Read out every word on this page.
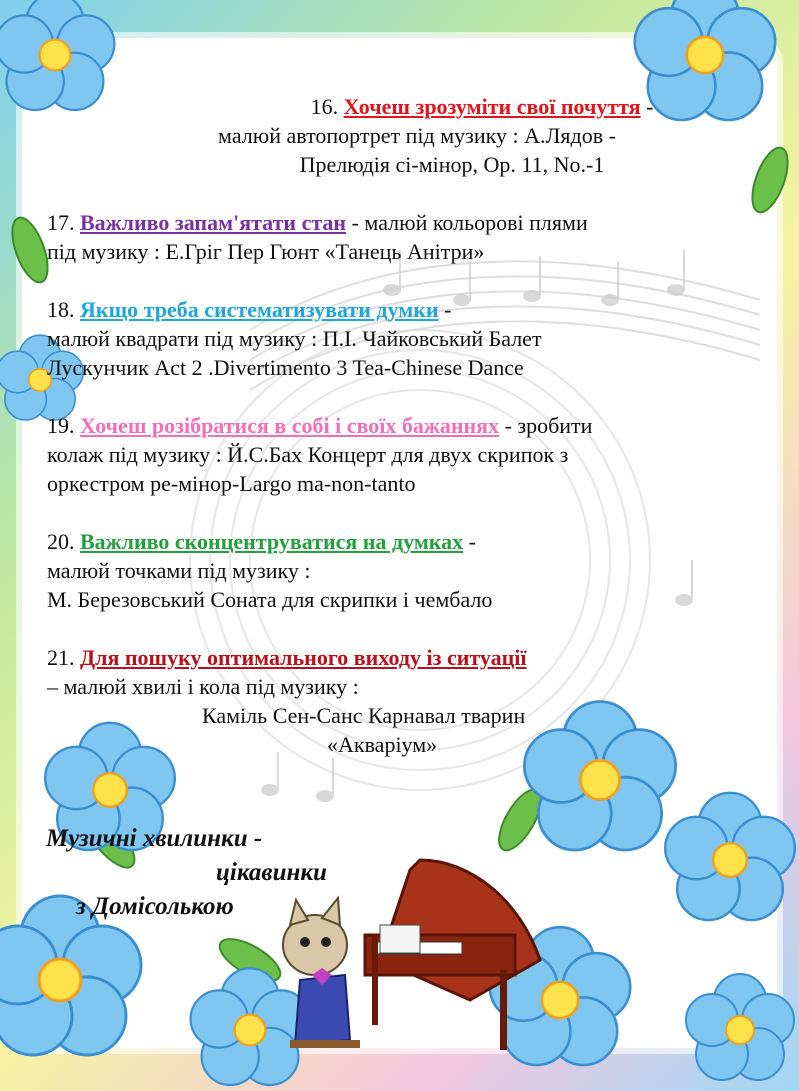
16. Хочеш зрозуміти свої почуття -
малюй автопортрет під музику : А.Лядов -
Прелюдія сі-мінор, Op. 11, No.-1
17. Важливо запам'ятати стан - малюй кольорові плями
під музику : Е.Гріг Пер Гюнт «Танець Анітри»
18. Якщо треба систематизувати думки -
малюй квадрати під музику : П.І. Чайковський Балет
Лускунчик Act 2 .Divertimento 3 Tea-Chinese Dance
19. Хочеш розібратися в собі і своїх бажаннях - зробити
колаж під музику : Й.С.Бах Концерт для двух скрипок з
оркестром ре-мінор-Largo ma-non-tanto
20. Важливо сконцентруватися на думках -
малюй точками під музику :
М. Березовський Соната для скрипки і чембало
21. Для пошуку оптимального виходу із ситуації
– малюй хвилі і кола під музику :
Каміль Сен-Санс Карнавал тварин
«Акваріум»
Музичні хвилинки -
цікавинки
з Домісолькою
